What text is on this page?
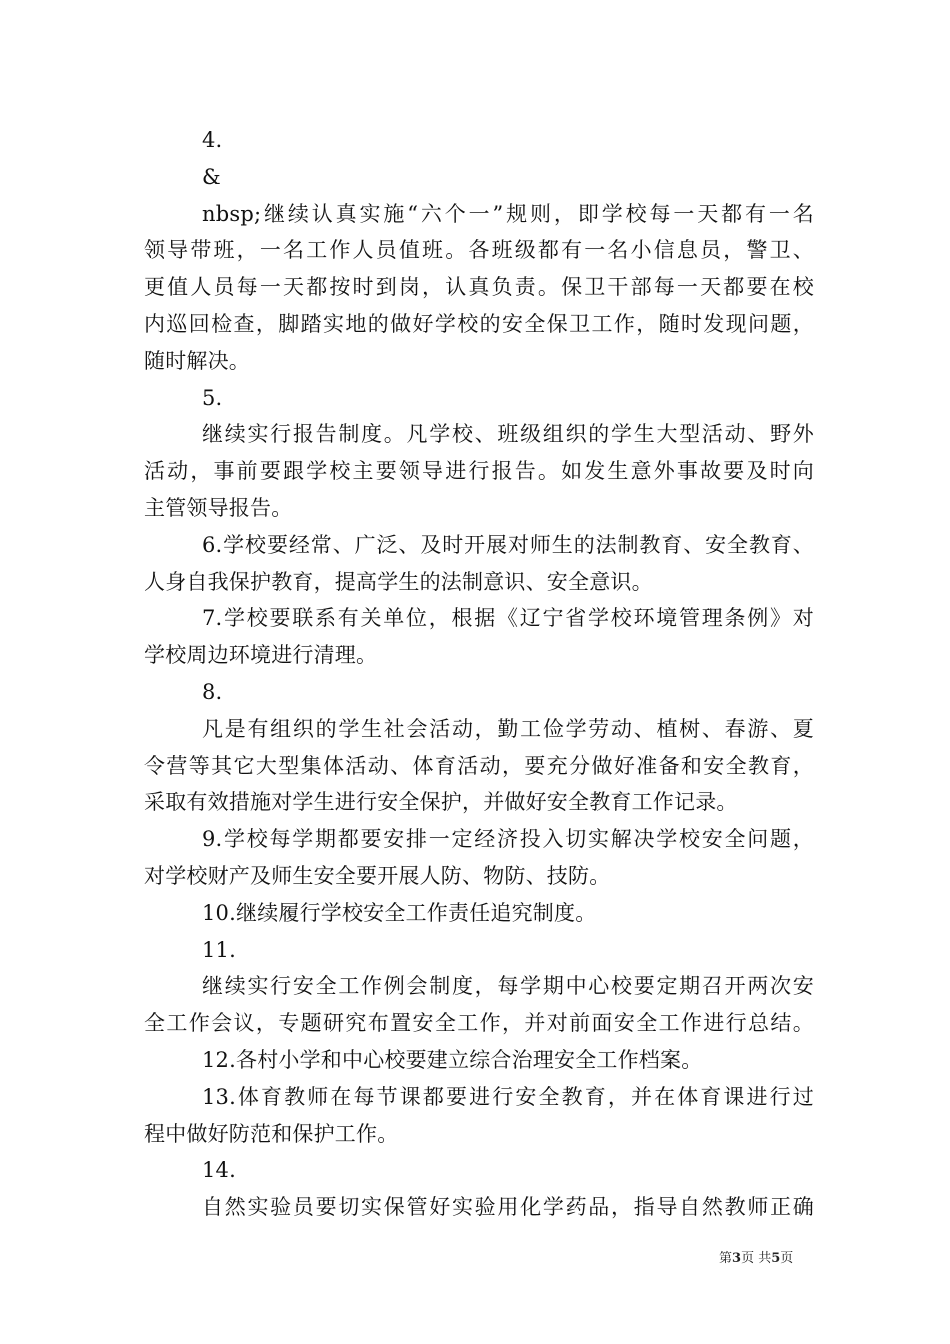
4.
&
nbsp;继续认真实施“六个一”规则，即学校每一天都有一名
领导带班，一名工作人员值班。各班级都有一名小信息员，警卫、
更值人员每一天都按时到岗，认真负责。保卫干部每一天都要在校
内巡回检查，脚踏实地的做好学校的安全保卫工作，随时发现问题，
随时解决。
5.
继续实行报告制度。凡学校、班级组织的学生大型活动、野外
活动，事前要跟学校主要领导进行报告。如发生意外事故要及时向
主管领导报告。
6.学校要经常、广泛、及时开展对师生的法制教育、安全教育、
人身自我保护教育，提高学生的法制意识、安全意识。
7.学校要联系有关单位，根据《辽宁省学校环境管理条例》对
学校周边环境进行清理。
8.
凡是有组织的学生社会活动，勤工俭学劳动、植树、春游、夏
令营等其它大型集体活动、体育活动，要充分做好准备和安全教育，
采取有效措施对学生进行安全保护，并做好安全教育工作记录。
9.学校每学期都要安排一定经济投入切实解决学校安全问题，
对学校财产及师生安全要开展人防、物防、技防。
10.继续履行学校安全工作责任追究制度。
11.
继续实行安全工作例会制度，每学期中心校要定期召开两次安
全工作会议，专题研究布置安全工作，并对前面安全工作进行总结。
12.各村小学和中心校要建立综合治理安全工作档案。
13.体育教师在每节课都要进行安全教育，并在体育课进行过
程中做好防范和保护工作。
14.
自然实验员要切实保管好实验用化学药品，指导自然教师正确
第3页 共5页
